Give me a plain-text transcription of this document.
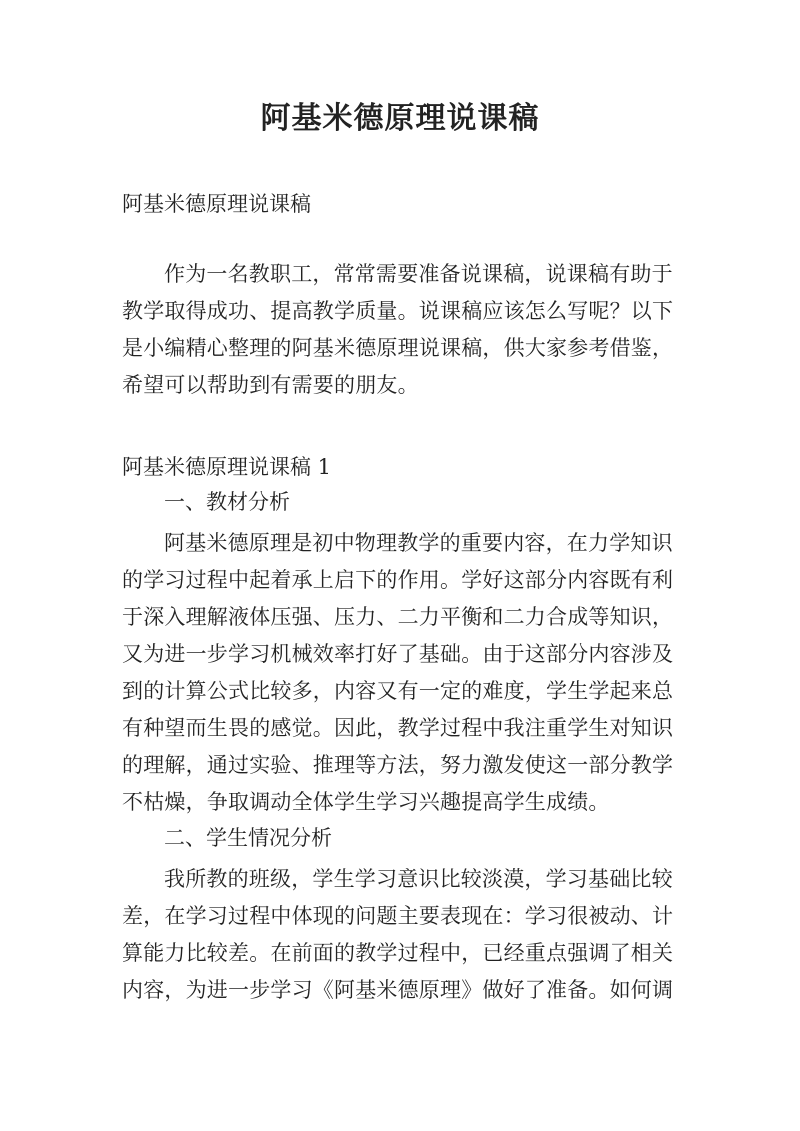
阿基米德原理说课稿
阿基米德原理说课稿
作为一名教职工，常常需要准备说课稿，说课稿有助于
教学取得成功、提高教学质量。说课稿应该怎么写呢？以下
是小编精心整理的阿基米德原理说课稿，供大家参考借鉴，
希望可以帮助到有需要的朋友。
阿基米德原理说课稿 1
一、教材分析
阿基米德原理是初中物理教学的重要内容，在力学知识
的学习过程中起着承上启下的作用。学好这部分内容既有利
于深入理解液体压强、压力、二力平衡和二力合成等知识，
又为进一步学习机械效率打好了基础。由于这部分内容涉及
到的计算公式比较多，内容又有一定的难度，学生学起来总
有种望而生畏的感觉。因此，教学过程中我注重学生对知识
的理解，通过实验、推理等方法，努力激发使这一部分教学
不枯燥，争取调动全体学生学习兴趣提高学生成绩。
二、学生情况分析
我所教的班级，学生学习意识比较淡漠，学习基础比较
差，在学习过程中体现的问题主要表现在：学习很被动、计
算能力比较差。在前面的教学过程中，已经重点强调了相关
内容，为进一步学习《阿基米德原理》做好了准备。如何调
